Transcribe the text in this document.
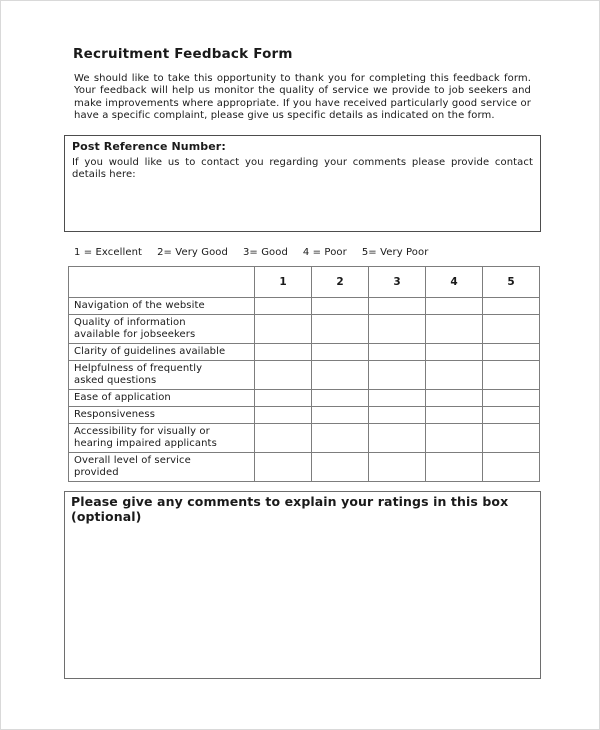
Recruitment Feedback Form
We should like to take this opportunity to thank you for completing this feedback form. Your feedback will help us monitor the quality of service we provide to job seekers and make improvements where appropriate. If you have received particularly good service or have a specific complaint, please give us specific details as indicated on the form.
Post Reference Number:
If you would like us to contact you regarding your comments please provide contact details here:
1 = Excellent 2= Very Good 3= Good 4 = Poor 5= Very Poor
	1	2	3	4	5

Navigation of the website					

Quality of information
available for jobseekers					

Clarity of guidelines available					

Helpfulness of frequently
asked questions					

Ease of application					

Responsiveness					

Accessibility for visually or
hearing impaired applicants					

Overall level of service
provided					

Please give any comments to explain your ratings in this box (optional)
